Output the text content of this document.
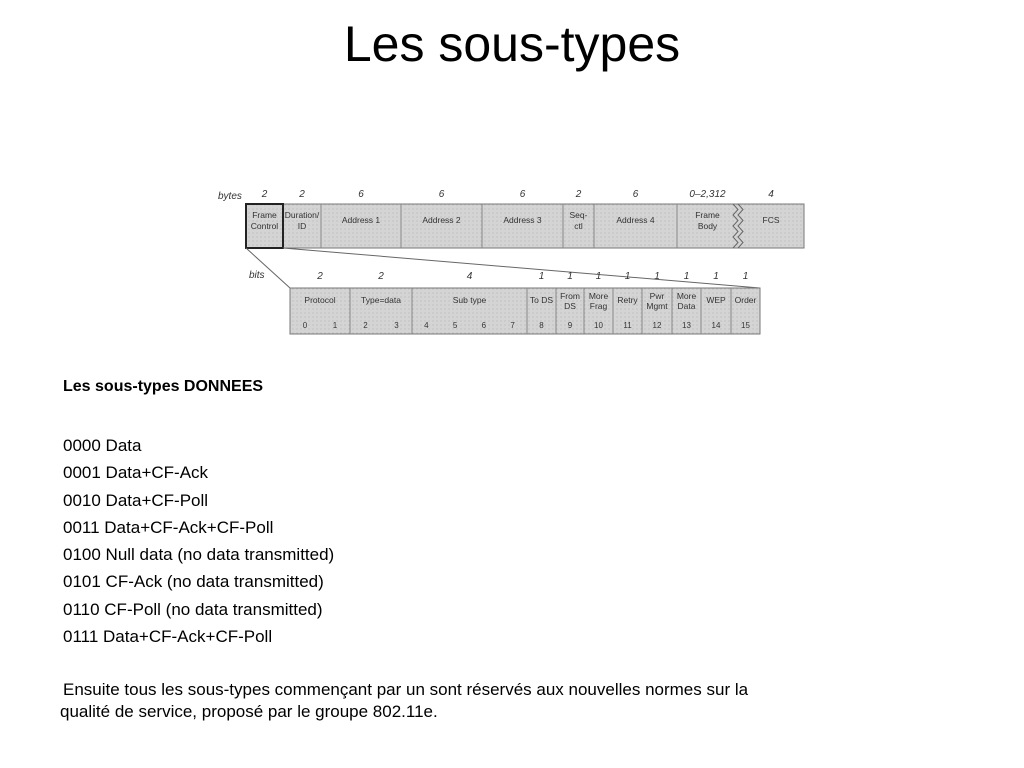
Les sous-types
bytes 2
Frame
Control
2
Duration/
ID
6
Address 1
6
Address 2
6
Address 3
2
Seq-
ctl
6
Address 4
0–2,312
Frame
Body
4
FCS
bits	2
Protocol
0	1
2
Type=data
2	3
4
Sub type
4	5	6	7
1
To DS
8
1
From
DS
9
1
More
Frag
10
1
Retry
11
1
Pwr
Mgmt
12
1
More
Data
13
1
WEP
14
1
Order
15
Les sous-types DONNEES
0000 Data
0001 Data+CF-Ack
0010 Data+CF-Poll
0011 Data+CF-Ack+CF-Poll
0100 Null data (no data transmitted)
0101 CF-Ack (no data transmitted)
0110 CF-Poll (no data transmitted)
0111 Data+CF-Ack+CF-Poll
Ensuite tous les sous-types commençant par un sont réservés aux nouvelles normes sur la
qualité de service, proposé par le groupe 802.11e.
